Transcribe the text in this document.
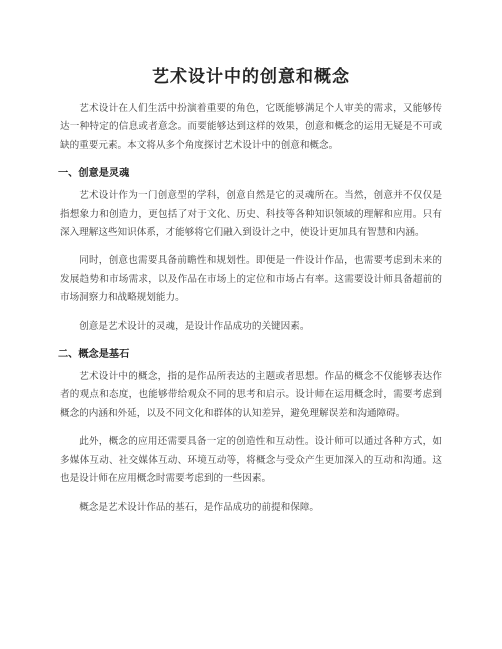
艺术设计中的创意和概念

艺术设计在人们生活中扮演着重要的角色，它既能够满足个人审美的需求，又能够传达一种特定的信息或者意念。而要能够达到这样的效果，创意和概念的运用无疑是不可或缺的重要元素。本文将从多个角度探讨艺术设计中的创意和概念。

一、创意是灵魂

艺术设计作为一门创意型的学科，创意自然是它的灵魂所在。当然，创意并不仅仅是指想象力和创造力，更包括了对于文化、历史、科技等各种知识领域的理解和应用。只有深入理解这些知识体系，才能够将它们融入到设计之中，使设计更加具有智慧和内涵。

同时，创意也需要具备前瞻性和规划性。即便是一件设计作品，也需要考虑到未来的发展趋势和市场需求，以及作品在市场上的定位和市场占有率。这需要设计师具备超前的市场洞察力和战略规划能力。

创意是艺术设计的灵魂，是设计作品成功的关键因素。

二、概念是基石

艺术设计中的概念，指的是作品所表达的主题或者思想。作品的概念不仅能够表达作者的观点和态度，也能够带给观众不同的思考和启示。设计师在运用概念时，需要考虑到概念的内涵和外延，以及不同文化和群体的认知差异，避免理解误差和沟通障碍。

此外，概念的应用还需要具备一定的创造性和互动性。设计师可以通过各种方式，如多媒体互动、社交媒体互动、环境互动等，将概念与受众产生更加深入的互动和沟通。这也是设计师在应用概念时需要考虑到的一些因素。

概念是艺术设计作品的基石，是作品成功的前提和保障。
